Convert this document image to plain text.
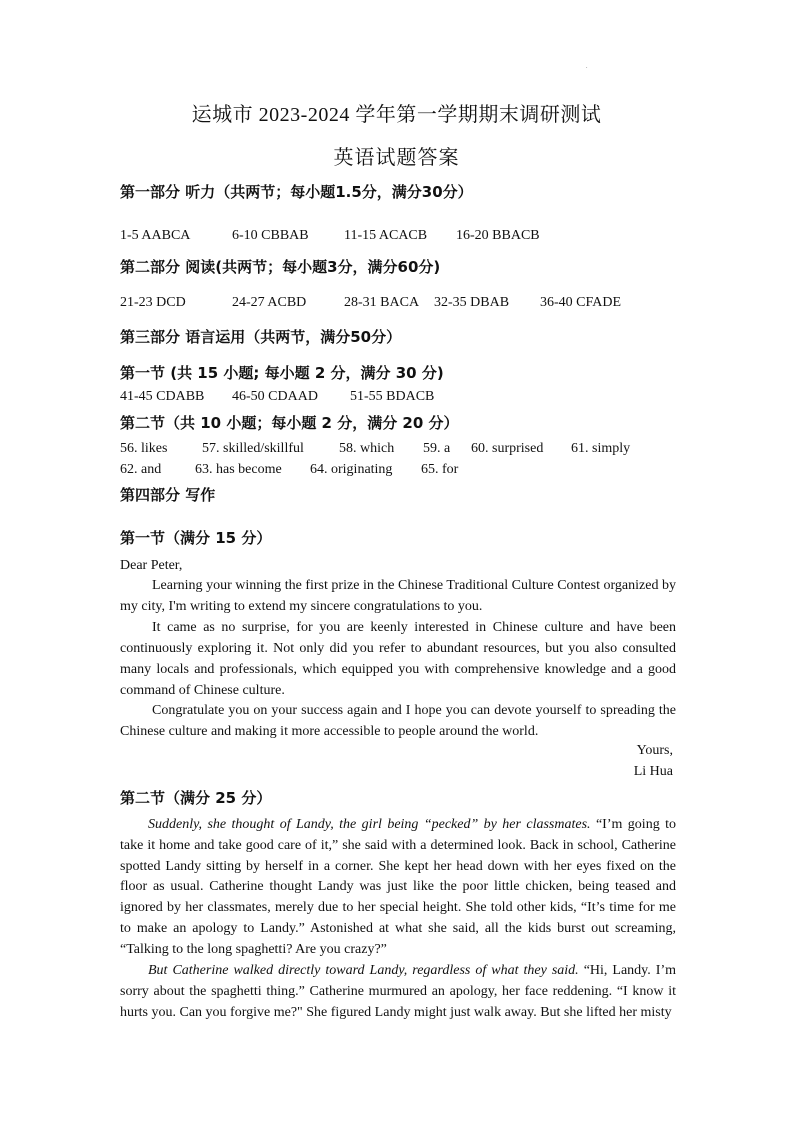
.
运城市 2023-2024 学年第一学期期末调研测试
英语试题答案
第一部分 听力（共两节；每小题1.5分，满分30分）
1-5 AABCA	6-10 CBBAB	11-15 ACACB 16-20 BBACB
第二部分 阅读(共两节；每小题3分，满分60分)
21-23 DCD	24-27 ACBD	28-31 BACA 32-35 DBAB 36-40 CFADE
第三部分 语言运用（共两节，满分50分）
第一节 (共 15 小题; 每小题 2 分，满分 30 分)
41-45 CDABB 46-50 CDAAD 51-55 BDACB
第二节（共 10 小题；每小题 2 分，满分 20 分）
56. likes 57. skilled/skillful	58. which 59. a 60. surprised 61. simply
62. and 63. has become 64. originating 65. for
第四部分 写作
第一节（满分 15 分）
Dear Peter,
Learning your winning the first prize in the Chinese Traditional Culture Contest organized by my city, I'm writing to extend my sincere congratulations to you.
It came as no surprise, for you are keenly interested in Chinese culture and have been continuously exploring it. Not only did you refer to abundant resources, but you also consulted many locals and professionals, which equipped you with comprehensive knowledge and a good command of Chinese culture.
Congratulate you on your success again and I hope you can devote yourself to spreading the Chinese culture and making it more accessible to people around the world.
Yours,
Li Hua
第二节（满分 25 分）
Suddenly, she thought of Landy, the girl being “pecked” by her classmates. “I’m going to take it home and take good care of it,” she said with a determined look. Back in school, Catherine spotted Landy sitting by herself in a corner. She kept her head down with her eyes fixed on the floor as usual. Catherine thought Landy was just like the poor little chicken, being teased and ignored by her classmates, merely due to her special height. She told other kids, “It’s time for me to make an apology to Landy.” Astonished at what she said, all the kids burst out screaming, “Talking to the long spaghetti? Are you crazy?”
But Catherine walked directly toward Landy, regardless of what they said. “Hi, Landy. I’m sorry about the spaghetti thing.” Catherine murmured an apology, her face reddening. “I know it hurts you. Can you forgive me?" She figured Landy might just walk away. But she lifted her misty
